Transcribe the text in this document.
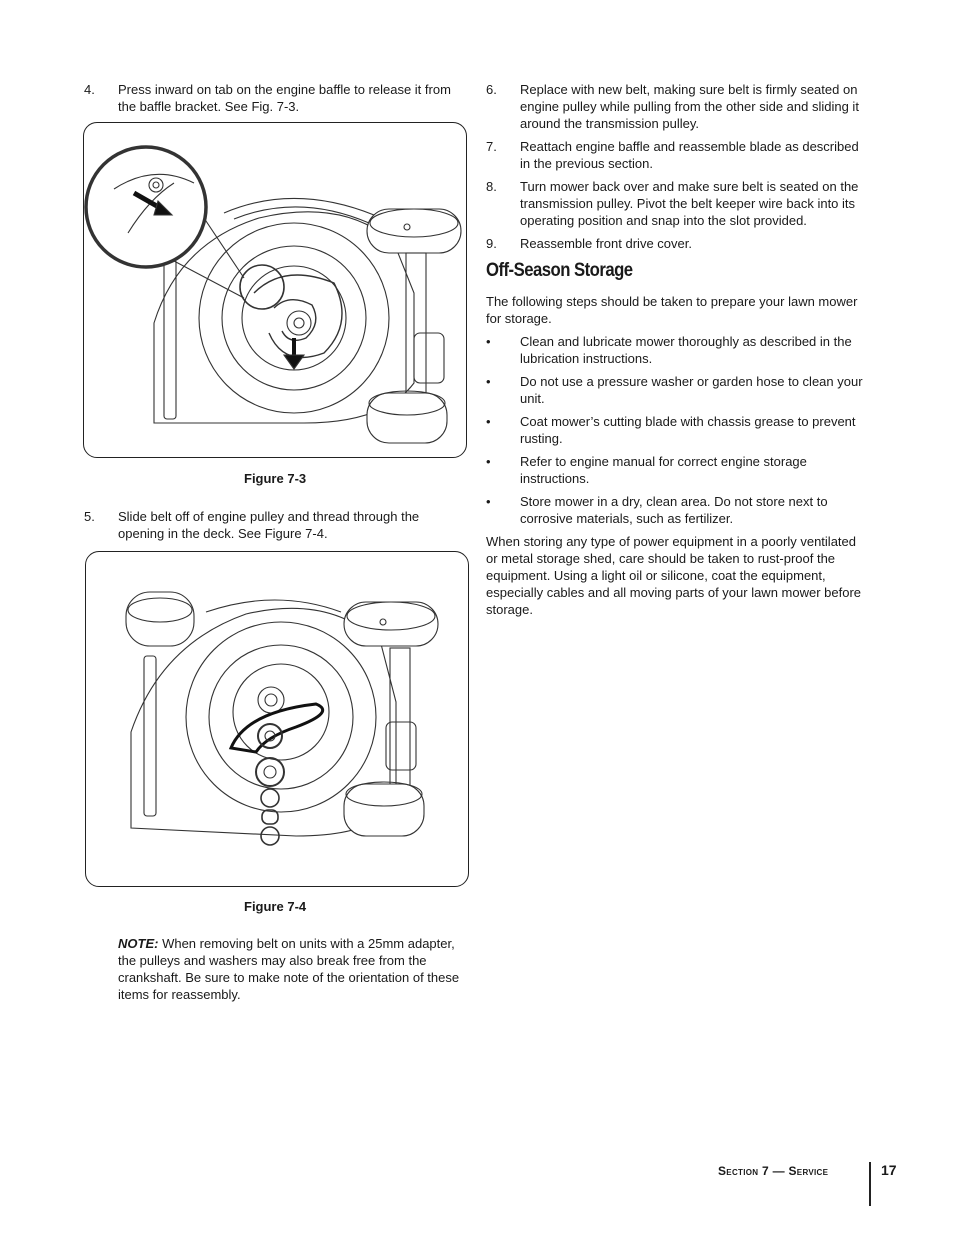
4. Press inward on tab on the engine baffle to release it from the baffle bracket. See Fig. 7-3.
Figure 7-3
5. Slide belt off of engine pulley and thread through the opening in the deck. See Figure 7-4.
Figure 7-4
NOTE: When removing belt on units with a 25mm adapter, the pulleys and washers may also break free from the crankshaft. Be sure to make note of the orientation of these items for reassembly.
6. Replace with new belt, making sure belt is firmly seated on engine pulley while pulling from the other side and sliding it around the transmission pulley.
7. Reattach engine baffle and reassemble blade as described in the previous section.
8. Turn mower back over and make sure belt is seated on the transmission pulley. Pivot the belt keeper wire back into its operating position and snap into the slot provided.
9. Reassemble front drive cover.
Off-Season Storage
The following steps should be taken to prepare your lawn mower for storage.
• Clean and lubricate mower thoroughly as described in the lubrication instructions.
• Do not use a pressure washer or garden hose to clean your unit.
• Coat mower’s cutting blade with chassis grease to prevent rusting.
• Refer to engine manual for correct engine storage instructions.
• Store mower in a dry, clean area. Do not store next to corrosive materials, such as fertilizer.
When storing any type of power equipment in a poorly ventilated or metal storage shed, care should be taken to rust-proof the equipment. Using a light oil or silicone, coat the equipment, especially cables and all moving parts of your lawn mower before storage.
Section 7 — Service	17
